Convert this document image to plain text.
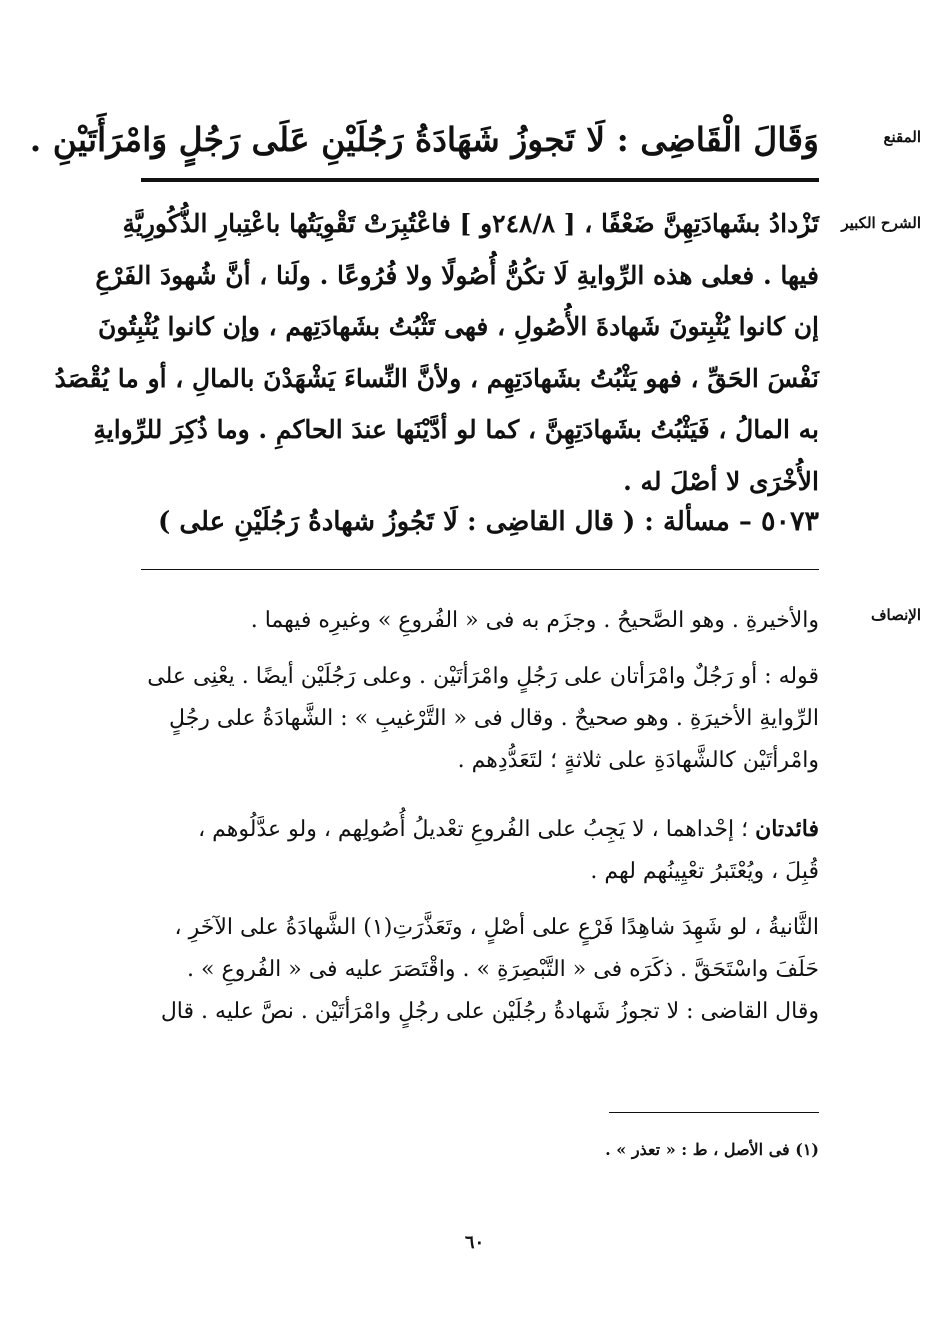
المقنع
وَقَالَ الْقَاضِى : لَا تَجوزُ شَهَادَةُ رَجُلَيْنِ عَلَى رَجُلٍ وَامْرَأَتَيْنِ .
الشرح الكبير

تَزْدادُ بشَهادَتِهِنَّ ضَعْفًا ، [ ٢٤٨/٨و ] فاعْتُبِرَتْ تَقْوِيَتُها باعْتِبارِ الذُّكُورِيَّةِ

فيها . فعلى هذه الرِّوايةِ لَا تكُنُّ أُصُولًا ولا فُرُوعًا . ولَنا ، أنَّ شُهودَ الفَرْعِ

إن كانوا يُثْبِتونَ شَهادةَ الأُصُولِ ، فهى تَثْبُتُ بشَهادَتِهم ، وإن كانوا يُثْبِتُونَ

نَفْسَ الحَقِّ ، فهو يَثْبُتُ بشَهادَتِهِم ، ولأنَّ النِّساءَ يَشْهَدْنَ بالمالِ ، أو ما يُقْصَدُ

به المالُ ، فَيَثْبُتُ بشَهادَتِهِنَّ ، كما لو أدَّيْنَها عندَ الحاكمِ . وما ذُكِرَ للرِّوايةِ

الأُخْرَى لا أصْلَ له .

٥٠٧٣ – مسألة : ( قال القاضِى : لَا تَجُوزُ شهادةُ رَجُلَيْنِ على )
الإنصاف

والأخيرةِ . وهو الصَّحيحُ . وجزَم به فى « الفُروعِ » وغيرِه فيهما .

قوله : أو رَجُلٌ وامْرَأتان على رَجُلٍ وامْرَأتَيْن . وعلى رَجُلَيْن أيضًا . يعْنِى على

الرِّوايةِ الأخيرَةِ . وهو صحيحٌ . وقال فى « التَّرْغيبِ » : الشَّهادَةُ على رجُلٍ

وامْرأتَيْن كالشَّهادَةِ على ثلاثةٍ ؛ لتَعَدُّدِهم .

فائدتان ؛ إحْداهما ، لا يَجِبُ على الفُروعِ تعْديلُ أُصُولِهم ، ولو عدَّلُوهم ،

قُبِلَ ، ويُعْتَبرُ تعْيِينُهم لهم .

الثَّانيةُ ، لو شَهِدَ شاهِدًا فَرْعٍ على أصْلٍ ، وتَعَذَّرَتِ(١) الشَّهادَةُ على الآخَرِ ،

حَلَفَ واسْتَحَقَّ . ذكَرَه فى « التَّبْصِرَةِ » . واقْتَصَرَ عليه فى « الفُروعِ » .

وقال القاضى : لا تجوزُ شَهادةُ رجُلَيْن على رجُلٍ وامْرَأتَيْن . نصَّ عليه . قال

(١) فى الأصل ، ط : « تعذر » .
٦٠
